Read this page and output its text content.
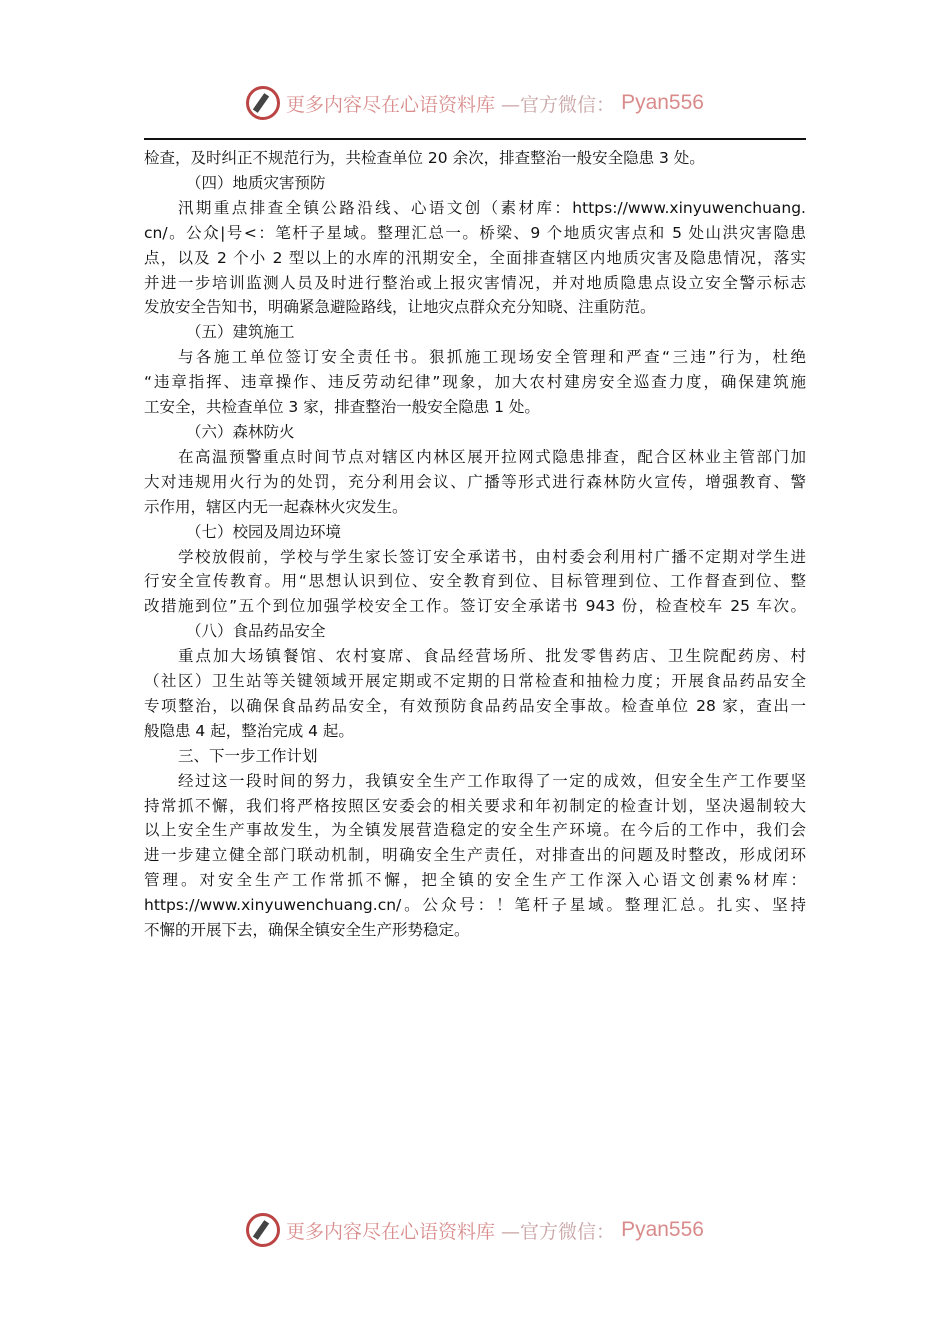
更多内容尽在心语资料库 —官方微信： Pyan556
检查，及时纠正不规范行为，共检查单位 20 余次，排查整治一般安全隐患 3 处。
（四）地质灾害预防
汛期重点排查全镇公路沿线、心语文创（素材库：https://www.xinyuwenchuang.
cn/。公众|号<：笔杆子星域。整理汇总一。桥梁、9 个地质灾害点和 5 处山洪灾害隐患
点，以及 2 个小 2 型以上的水库的汛期安全，全面排查辖区内地质灾害及隐患情况，落实
并进一步培训监测人员及时进行整治或上报灾害情况，并对地质隐患点设立安全警示标志
发放安全告知书，明确紧急避险路线，让地灾点群众充分知晓、注重防范。
（五）建筑施工
与各施工单位签订安全责任书。狠抓施工现场安全管理和严查“三违”行为，杜绝
“违章指挥、违章操作、违反劳动纪律”现象，加大农村建房安全巡查力度，确保建筑施
工安全，共检查单位 3 家，排查整治一般安全隐患 1 处。
（六）森林防火
在高温预警重点时间节点对辖区内林区展开拉网式隐患排查，配合区林业主管部门加
大对违规用火行为的处罚，充分利用会议、广播等形式进行森林防火宣传，增强教育、警
示作用，辖区内无一起森林火灾发生。
（七）校园及周边环境
学校放假前，学校与学生家长签订安全承诺书，由村委会利用村广播不定期对学生进
行安全宣传教育。用“思想认识到位、安全教育到位、目标管理到位、工作督查到位、整
改措施到位”五个到位加强学校安全工作。签订安全承诺书 943 份，检查校车 25 车次。
（八）食品药品安全
重点加大场镇餐馆、农村宴席、食品经营场所、批发零售药店、卫生院配药房、村
（社区）卫生站等关键领域开展定期或不定期的日常检查和抽检力度；开展食品药品安全
专项整治，以确保食品药品安全，有效预防食品药品安全事故。检查单位 28 家，查出一
般隐患 4 起，整治完成 4 起。
三、下一步工作计划
经过这一段时间的努力，我镇安全生产工作取得了一定的成效，但安全生产工作要坚
持常抓不懈，我们将严格按照区安委会的相关要求和年初制定的检查计划，坚决遏制较大
以上安全生产事故发生，为全镇发展营造稳定的安全生产环境。在今后的工作中，我们会
进一步建立健全部门联动机制，明确安全生产责任，对排查出的问题及时整改，形成闭环
管理。对安全生产工作常抓不懈，把全镇的安全生产工作深入心语文创素%材库：
https://www.xinyuwenchuang.cn/。公众号：！笔杆子星域。整理汇总。扎实、坚持
不懈的开展下去，确保全镇安全生产形势稳定。
更多内容尽在心语资料库 —官方微信： Pyan556
